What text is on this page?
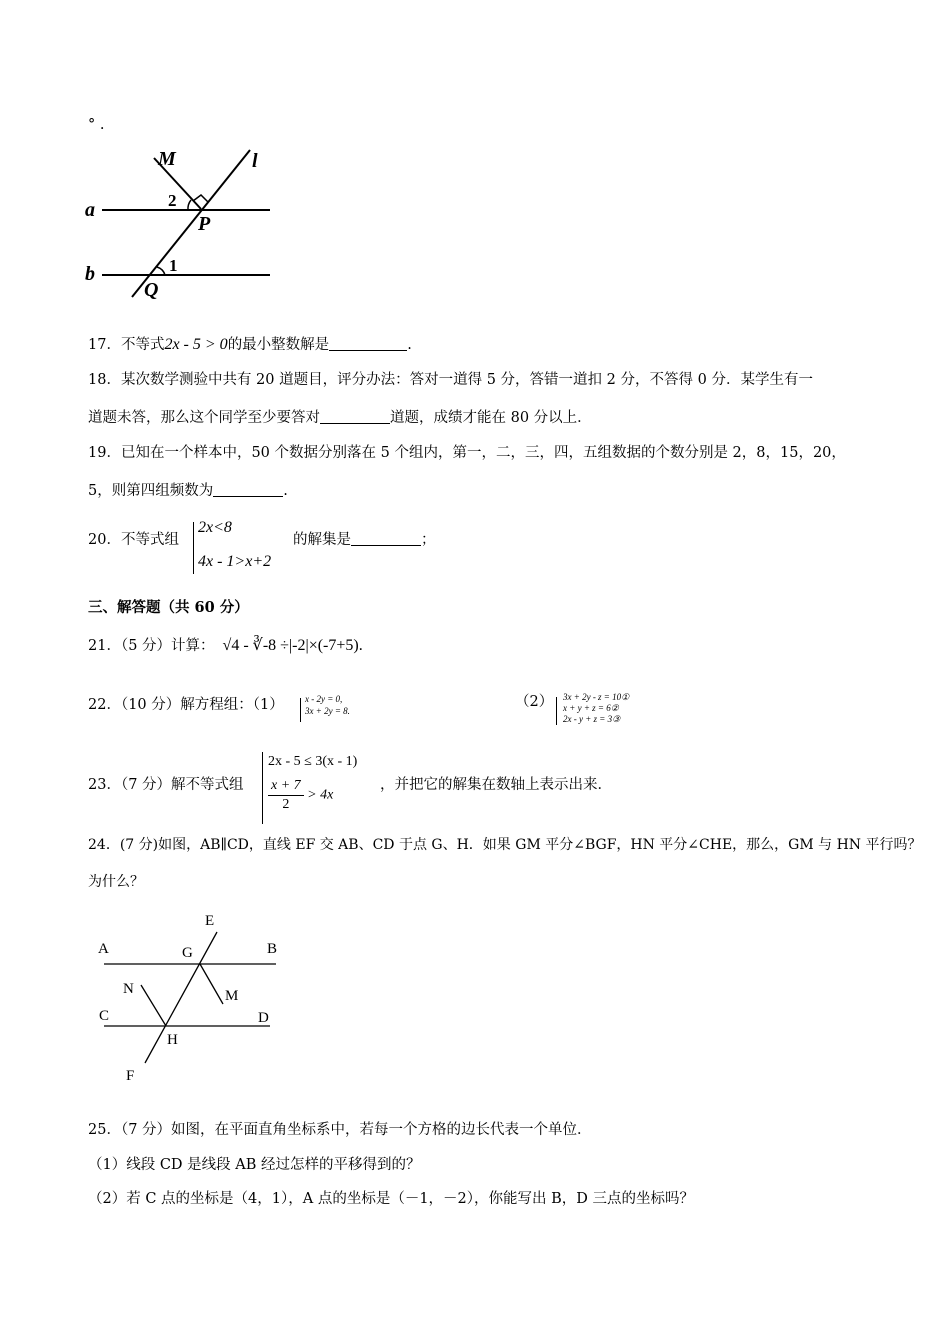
° .
M	l
a
b
2
1
P
Q
17．不等式2x - 5 > 0的最小整数解是	.
18．某次数学测验中共有 20 道题目，评分办法：答对一道得 5 分，答错一道扣 2 分，不答得 0 分．某学生有一
道题未答，那么这个同学至少要答对	道题，成绩才能在 80 分以上．
19．已知在一个样本中，50 个数据分别落在 5 个组内，第一，二，三，四，五组数据的个数分别是 2，8，15，20，
5，则第四组频数为	.
20．不等式组
2x<8
4x - 1>x+2
的解集是	；
三、解答题（共 60 分）
21．（5 分）计算： √4 - ∛-8 ÷|-2|×(-7+5).
22．（10 分）解方程组：（1） x - 2y = 0,
3x + 2y = 8.
（2） 3x + 2y - z = 10①
x + y + z = 6②
2x - y + z = 3③
23．（7 分）解不等式组
2x - 5 ≤ 3(x - 1)
$\frac{x + 7}{2} > 4x$
，并把它的解集在数轴上表示出来．
24．(7 分)如图，AB∥CD，直线 EF 交 AB、CD 于点 G、H．如果 GM 平分∠BGF，HN 平分∠CHE，那么，GM 与 HN 平行吗？
为什么？
E
A	B
G
N	M
C	D
H
F
25．（7 分）如图，在平面直角坐标系中，若每一个方格的边长代表一个单位．
（1）线段 CD 是线段 AB 经过怎样的平移得到的？
（2）若 C 点的坐标是（4，1），A 点的坐标是（－1，－2），你能写出 B，D 三点的坐标吗？
